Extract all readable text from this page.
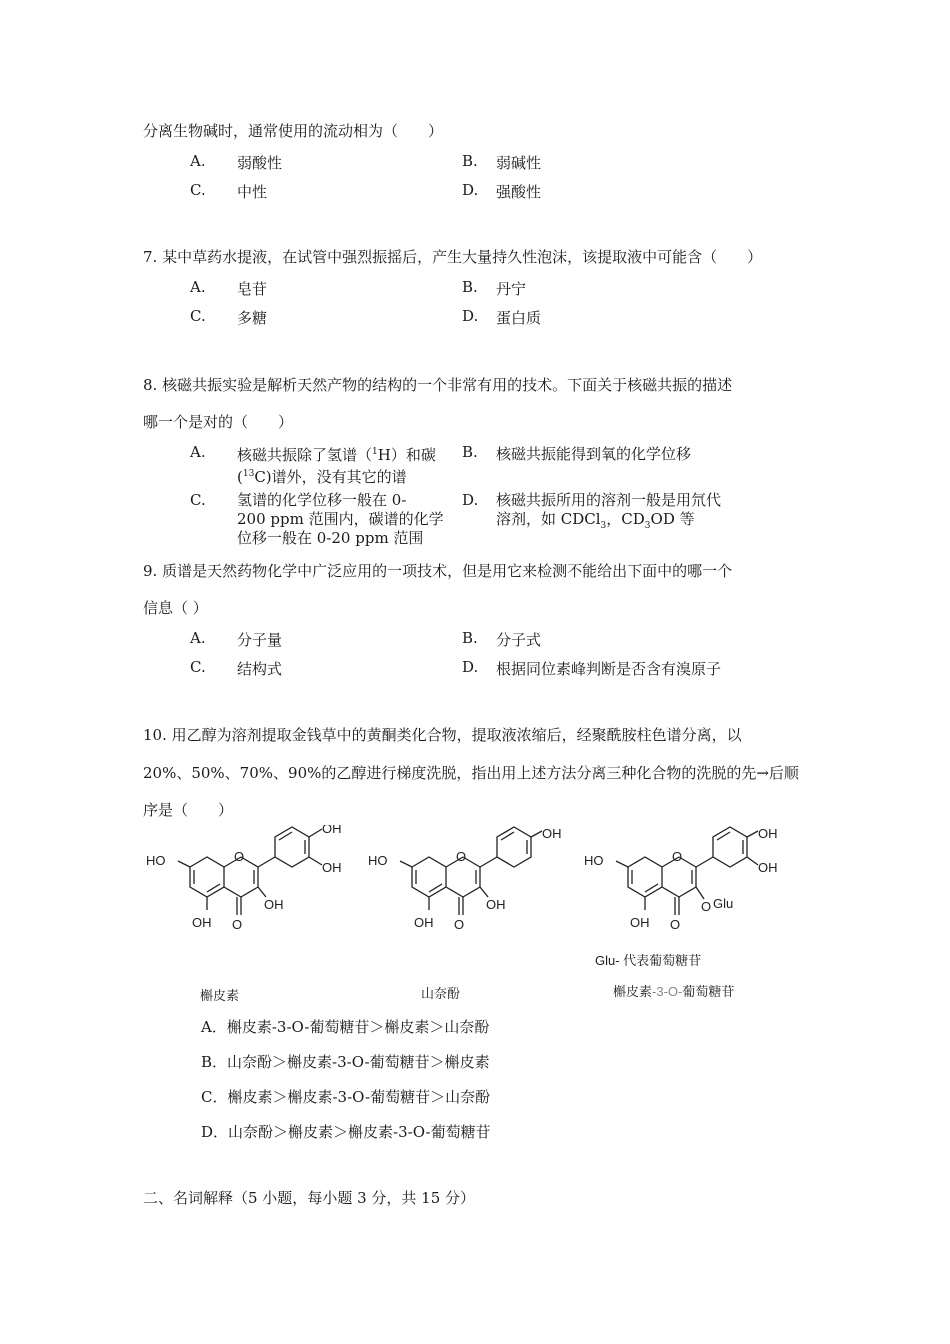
分离生物碱时，通常使用的流动相为（　　）
A. 弱酸性	B. 弱碱性
C. 中性	D. 强酸性
7. 某中草药水提液，在试管中强烈振摇后，产生大量持久性泡沫，该提取液中可能含（　　）
A. 皂苷	B. 丹宁
C. 多糖	D. 蛋白质
8. 核磁共振实验是解析天然产物的结构的一个非常有用的技术。下面关于核磁共振的描述
哪一个是对的（　　）
A. 核磁共振除了氢谱（$^1$H）和碳
($^{13}$C)谱外，没有其它的谱
B. 核磁共振能得到氧的化学位移
C. 氢谱的化学位移一般在 0-
200 ppm 范围内，碳谱的化学
位移一般在 0-20 ppm 范围
D. 核磁共振所用的溶剂一般是用氘代
溶剂，如 CDCl$_3$，$CD_3OD$ 等
9. 质谱是天然药物化学中广泛应用的一项技术，但是用它来检测不能给出下面中的哪一个
信息（ ）
A. 分子量	B. 分子式
C. 结构式	D. 根据同位素峰判断是否含有溴原子
10. 用乙醇为溶剂提取金钱草中的黄酮类化合物，提取液浓缩后，经聚酰胺柱色谱分离，以
20%、50%、70%、90%的乙醇进行梯度洗脱，指出用上述方法分离三种化合物的洗脱的先→后顺
序是（　　）
O
O
HO
OH
OH
OH
OH
O
O
HO
OH
OH
OH
O
O
HO
OH
OH
OH
O Glu
Glu- 代表葡萄糖苷
槲皮素	山奈酚	槲皮素-3-O-葡萄糖苷
A．槲皮素-3-O-葡萄糖苷＞槲皮素＞山奈酚
B．山奈酚＞槲皮素-3-O-葡萄糖苷＞槲皮素
C．槲皮素＞槲皮素-3-O-葡萄糖苷＞山奈酚
D．山奈酚＞槲皮素＞槲皮素-3-O-葡萄糖苷
二、名词解释（5 小题，每小题 3 分，共 15 分）
